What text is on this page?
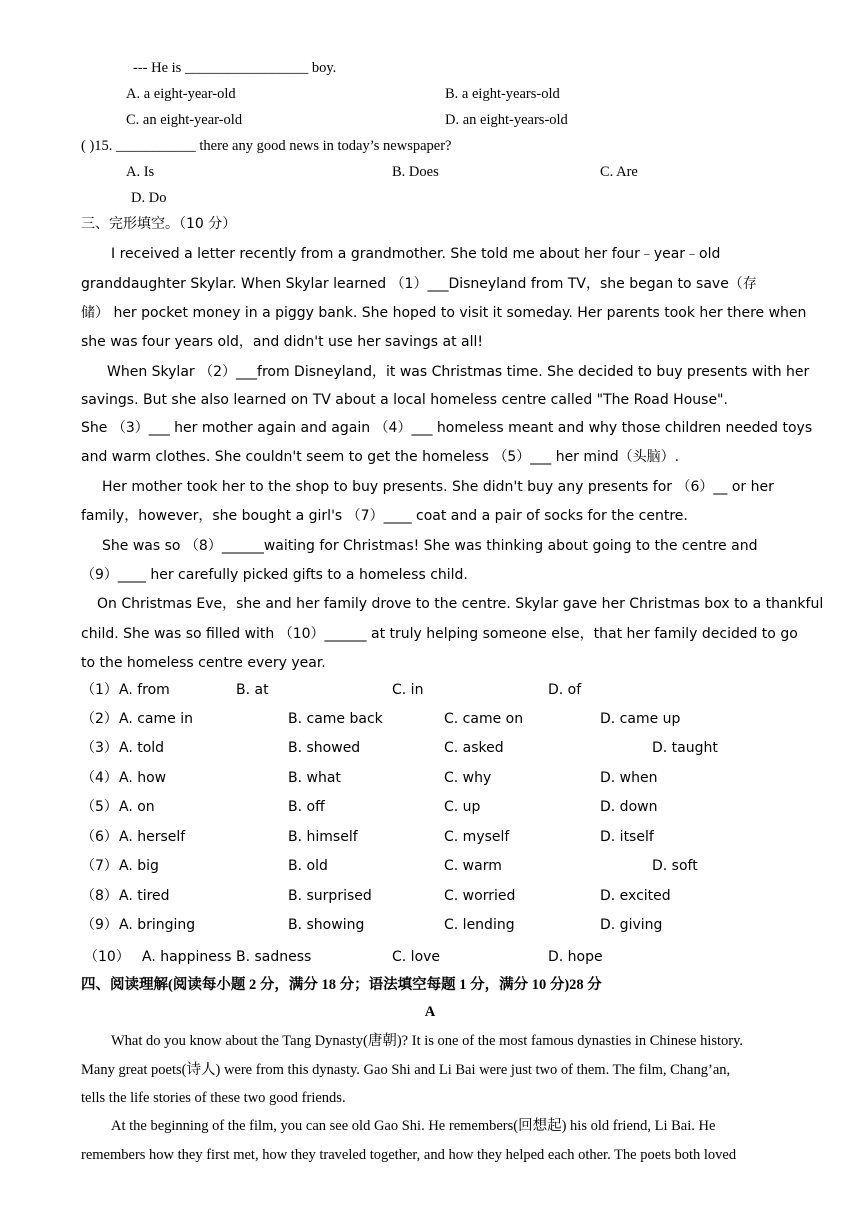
--- He is _________________ boy.
A. a eight-year-old	B. a eight-years-old
C. an eight-year-old	D. an eight-years-old
( )15. ___________ there any good news in today’s newspaper?
A. Is	B. Does	C. Are
D. Do
三、完形填空。（10 分）
I received a letter recently from a grandmother. She told me about her four﹣year﹣old
granddaughter Skylar. When Skylar learned （1）___Disneyland from TV，she began to save（存
储） her pocket money in a piggy bank. She hoped to visit it someday. Her parents took her there when
she was four years old，and didn't use her savings at all!
When Skylar （2）___from Disneyland，it was Christmas time. She decided to buy presents with her
savings. But she also learned on TV about a local homeless centre called "The Road House".
She （3）___ her mother again and again （4）___ homeless meant and why those children needed toys
and warm clothes. She couldn't seem to get the homeless （5）___ her mind（头脑）.
Her mother took her to the shop to buy presents. She didn't buy any presents for （6）__ or her
family，however，she bought a girl's （7）____ coat and a pair of socks for the centre.
She was so （8）______waiting for Christmas! She was thinking about going to the centre and
（9）____ her carefully picked gifts to a homeless child.
On Christmas Eve，she and her family drove to the centre. Skylar gave her Christmas box to a thankful
child. She was so filled with （10）______ at truly helping someone else，that her family decided to go
to the homeless centre every year.
（1） A. from	B. at	C. in	D. of
（2） A. came in	B. came back	C. came on	D. came up
（3） A. told	B. showed	C. asked	D. taught
（4） A. how	B. what	C. why	D. when
（5） A. on	B. off	C. up	D. down
（6） A. herself	B. himself	C. myself	D. itself
（7） A. big	B. old	C. warm	D. soft
（8） A. tired	B. surprised	C. worried	D. excited
（9） A. bringing	B. showing	C. lending	D. giving
（10） A. happiness B. sadness	C. love	D. hope
四、阅读理解(阅读每小题 2 分，满分 18 分；语法填空每题 1 分，满分 10 分)28 分
A
What do you know about the Tang Dynasty(唐朝)? It is one of the most famous dynasties in Chinese history.
Many great poets(诗人) were from this dynasty. Gao Shi and Li Bai were just two of them. The film, Chang’an,
tells the life stories of these two good friends.
At the beginning of the film, you can see old Gao Shi. He remembers(回想起) his old friend, Li Bai. He
remembers how they first met, how they traveled together, and how they helped each other. The poets both loved
